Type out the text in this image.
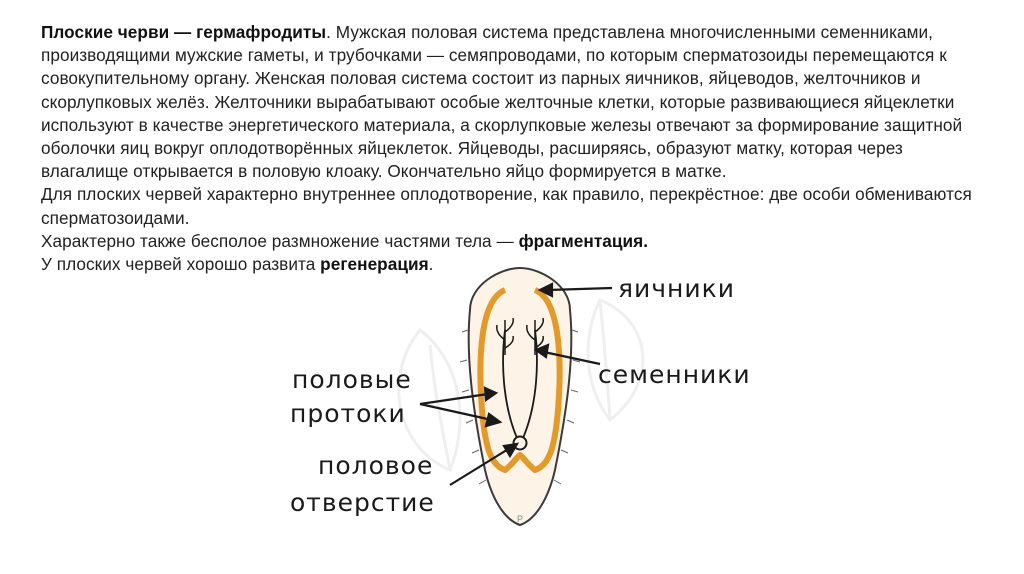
Плоские черви — гермафродиты. Мужская половая система представлена многочисленными семенниками, производящими мужские гаметы, и трубочками — семяпроводами, по которым сперматозоиды перемещаются к совокупительному органу. Женская половая система состоит из парных яичников, яйцеводов, желточников и скорлупковых желёз. Желточники вырабатывают особые желточные клетки, которые развивающиеся яйцеклетки используют в качестве энергетического материала, а скорлупковые железы отвечают за формирование защитной оболочки яиц вокруг оплодотворённых яйцеклеток. Яйцеводы, расширяясь, образуют матку, которая через влагалище открывается в половую клоаку. Окончательно яйцо формируется в матке.

Для плоских червей характерно внутреннее оплодотворение, как правило, перекрёстное: две особи обмениваются сперматозоидами.

Характерно также бесполое размножение частями тела — фрагментация.

У плоских червей хорошо развита регенерация.

P
яичники
семенники
половые
протоки
половое
отверстие
